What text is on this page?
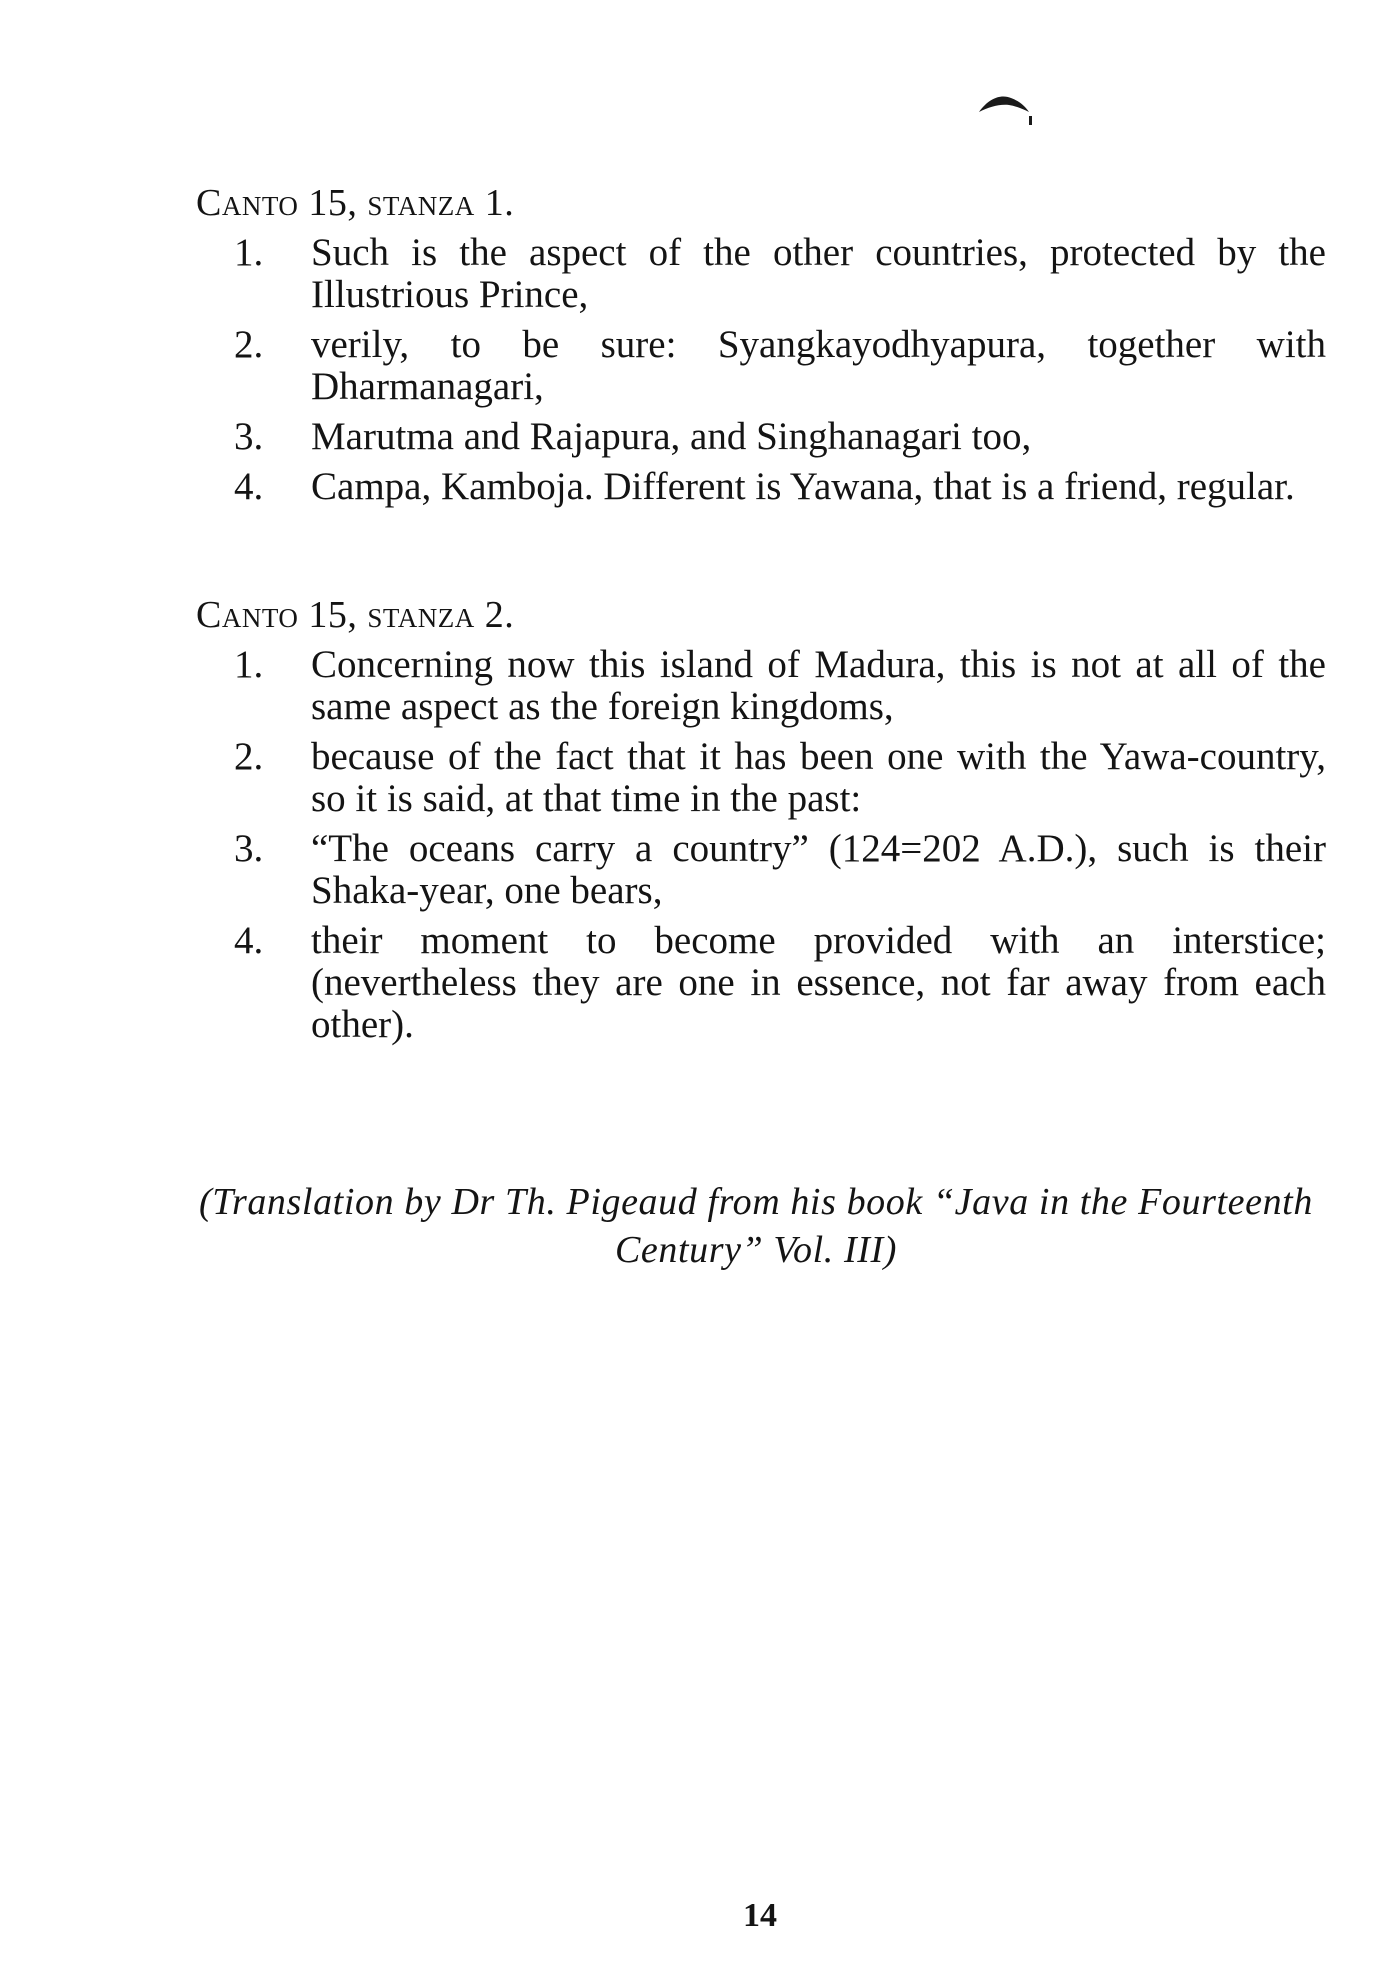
Canto 15, stanza 1.
1.	Such is the aspect of the other countries, protected by the Illustrious Prince,
2.	verily, to be sure: Syangkayodhyapura, together with Dharmanagari,
3.	Marutma and Rajapura, and Singhanagari too,
4.	Campa, Kamboja. Different is Yawana, that is a friend, regular.
Canto 15, stanza 2.
1.	Concerning now this island of Madura, this is not at all of the same aspect as the foreign kingdoms,
2.	because of the fact that it has been one with the Yawa-country, so it is said, at that time in the past:
3.	“The oceans carry a country” (124=202 A.D.), such is their Shaka-year, one bears,
4.	their moment to become provided with an interstice; (nevertheless they are one in essence, not far away from each other).

(Translation by Dr Th. Pigeaud from his book “Java in the Fourteenth Century” Vol. III)

14
